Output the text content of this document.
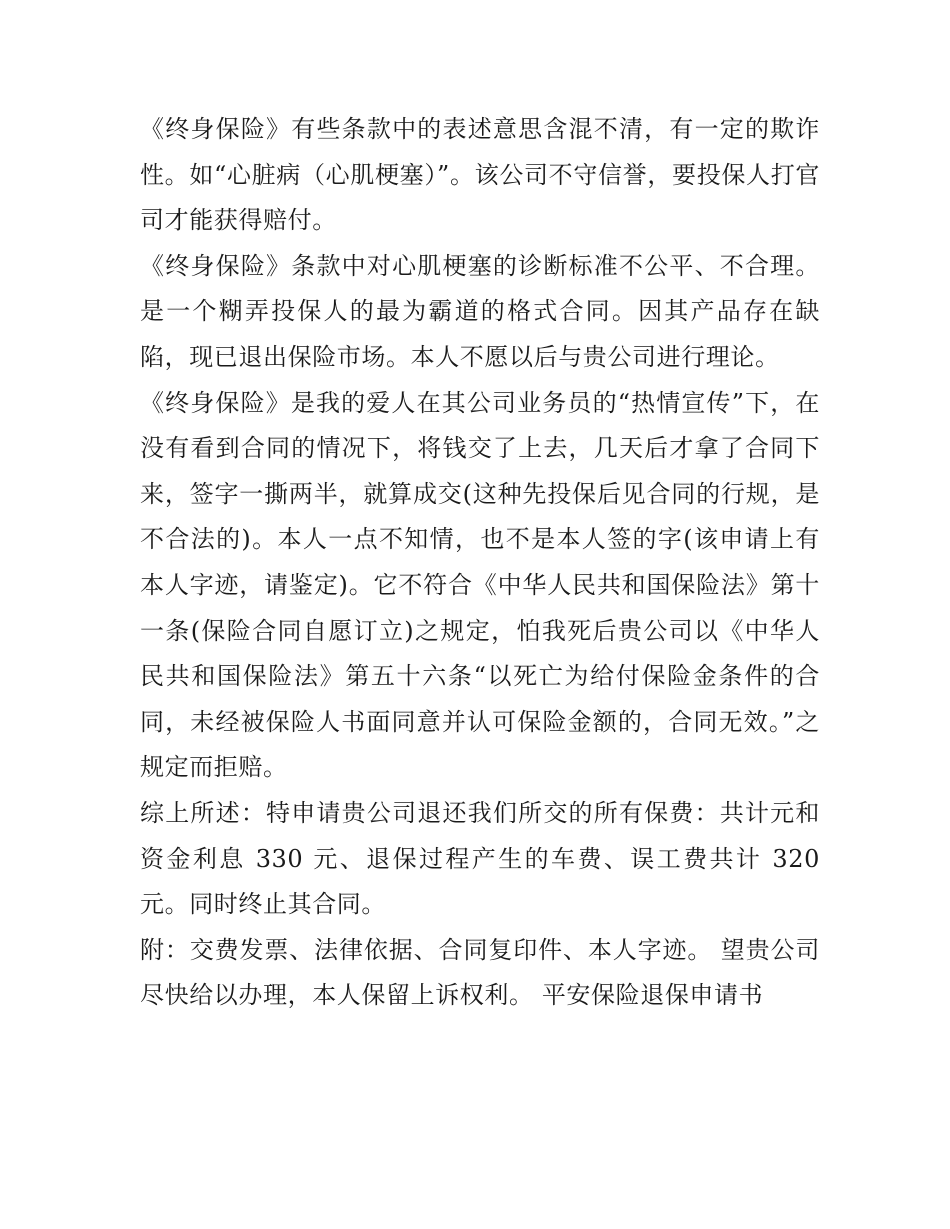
《终身保险》有些条款中的表述意思含混不清，有一定的欺诈性。如“心脏病（心肌梗塞）”。该公司不守信誉，要投保人打官司才能获得赔付。

《终身保险》条款中对心肌梗塞的诊断标准不公平、不合理。是一个糊弄投保人的最为霸道的格式合同。因其产品存在缺陷，现已退出保险市场。本人不愿以后与贵公司进行理论。

《终身保险》是我的爱人在其公司业务员的“热情宣传”下，在没有看到合同的情况下，将钱交了上去，几天后才拿了合同下来，签字一撕两半，就算成交(这种先投保后见合同的行规，是不合法的)。本人一点不知情，也不是本人签的字(该申请上有本人字迹，请鉴定)。它不符合《中华人民共和国保险法》第十一条(保险合同自愿订立)之规定，怕我死后贵公司以《中华人民共和国保险法》第五十六条“以死亡为给付保险金条件的合同，未经被保险人书面同意并认可保险金额的，合同无效。”之规定而拒赔。

综上所述：特申请贵公司退还我们所交的所有保费：共计元和资金利息 330 元、退保过程产生的车费、误工费共计 320 元。同时终止其合同。

附：交费发票、法律依据、合同复印件、本人字迹。 望贵公司尽快给以办理，本人保留上诉权利。 平安保险退保申请书
